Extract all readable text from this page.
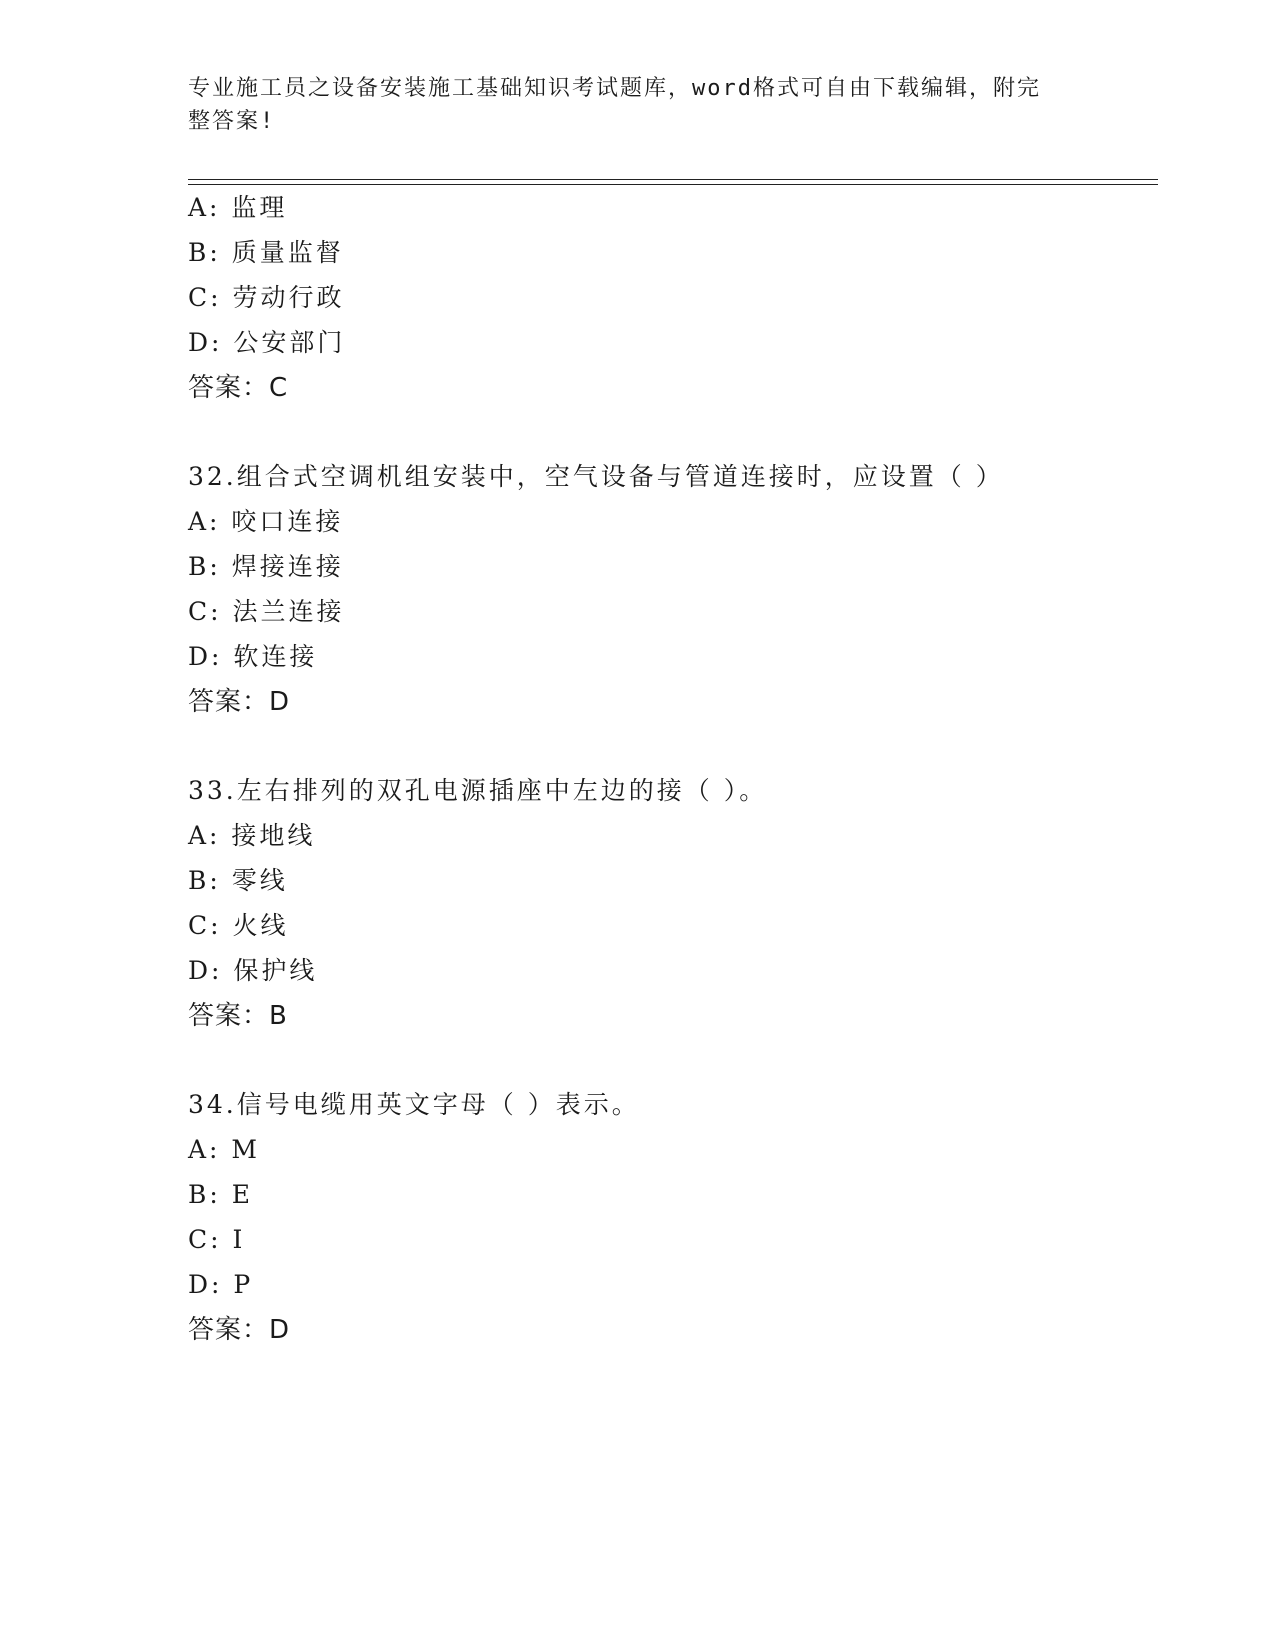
专业施工员之设备安装施工基础知识考试题库，word格式可自由下载编辑，附完
整答案!
A: 监理
B: 质量监督
C: 劳动行政
D: 公安部门
答案：C
32.组合式空调机组安装中，空气设备与管道连接时，应设置（ ）
A: 咬口连接
B: 焊接连接
C: 法兰连接
D: 软连接
答案：D
33.左右排列的双孔电源插座中左边的接（ ）。
A: 接地线
B: 零线
C: 火线
D: 保护线
答案：B
34.信号电缆用英文字母（ ）表示。
A: M
B: E
C: I
D: P
答案：D
